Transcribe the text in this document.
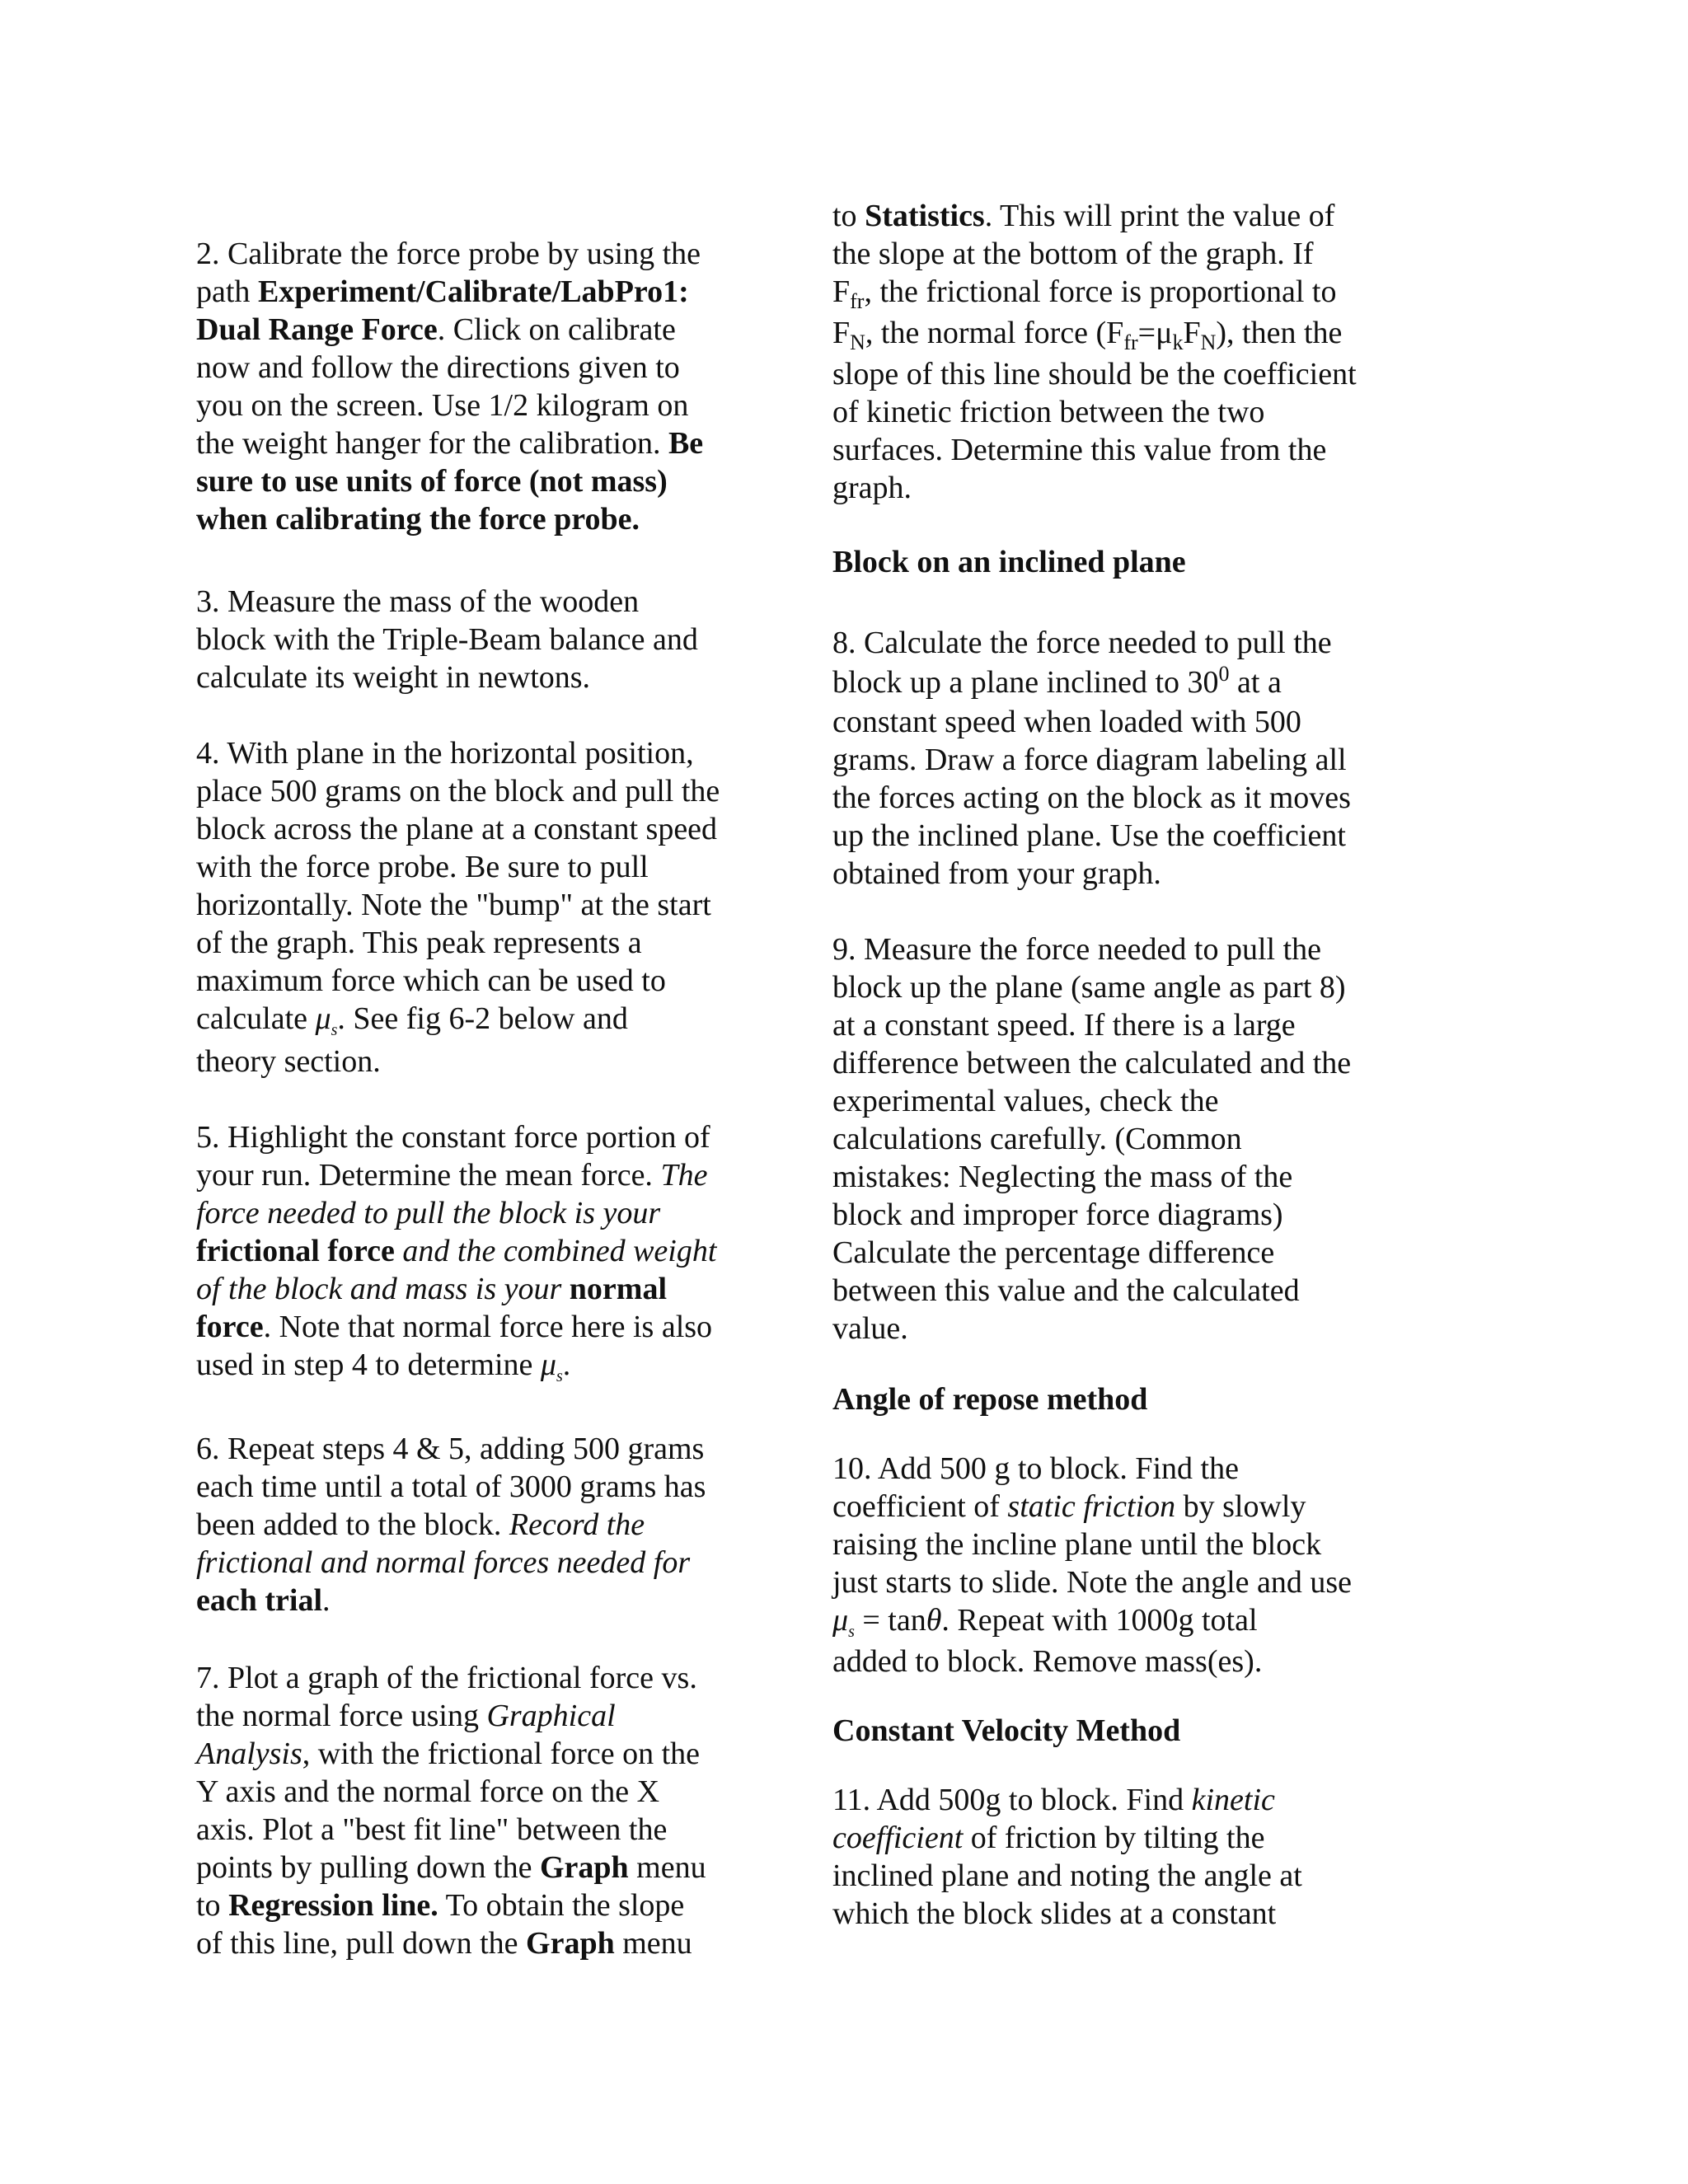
2. Calibrate the force probe by using the

path Experiment/Calibrate/LabPro1:

Dual Range Force. Click on calibrate

now and follow the directions given to

you on the screen. Use 1/2 kilogram on

the weight hanger for the calibration. Be

sure to use units of force (not mass)

when calibrating the force probe.

3. Measure the mass of the wooden

block with the Triple-Beam balance and

calculate its weight in newtons.

4. With plane in the horizontal position,

place 500 grams on the block and pull the

block across the plane at a constant speed

with the force probe. Be sure to pull

horizontally. Note the "bump" at the start

of the graph. This peak represents a

maximum force which can be used to

calculate $\mu_s$. See fig 6-2 below and

theory section.

5. Highlight the constant force portion of

your run. Determine the mean force. The

force needed to pull the block is your

frictional force and the combined weight

of the block and mass is your normal

force. Note that normal force here is also

used in step 4 to determine $\mu_s$.

6. Repeat steps 4 & 5, adding 500 grams

each time until a total of 3000 grams has

been added to the block. Record the

frictional and normal forces needed for

each trial.

7. Plot a graph of the frictional force vs.

the normal force using Graphical

Analysis, with the frictional force on the

Y axis and the normal force on the X

axis. Plot a "best fit line" between the

points by pulling down the Graph menu

to Regression line. To obtain the slope

of this line, pull down the Graph menu

to Statistics. This will print the value of

the slope at the bottom of the graph. If

$F_{fr}$, the frictional force is proportional to

$F_N$, the normal force $(F_{fr}=\mu_kF_N)$, then the

slope of this line should be the coefficient

of kinetic friction between the two

surfaces. Determine this value from the

graph.

Block on an inclined plane

8. Calculate the force needed to pull the

block up a plane inclined to $30^0$ at a

constant speed when loaded with 500

grams. Draw a force diagram labeling all

the forces acting on the block as it moves

up the inclined plane. Use the coefficient

obtained from your graph.

9. Measure the force needed to pull the

block up the plane (same angle as part 8)

at a constant speed. If there is a large

difference between the calculated and the

experimental values, check the

calculations carefully. (Common

mistakes: Neglecting the mass of the

block and improper force diagrams)

Calculate the percentage difference

between this value and the calculated

value.

Angle of repose method

10. Add 500 g to block. Find the

coefficient of static friction by slowly

raising the incline plane until the block

just starts to slide. Note the angle and use

$\mu_s = \tan\theta$. Repeat with 1000g total

added to block. Remove mass(es).

Constant Velocity Method

11. Add 500g to block. Find kinetic

coefficient of friction by tilting the

inclined plane and noting the angle at

which the block slides at a constant
